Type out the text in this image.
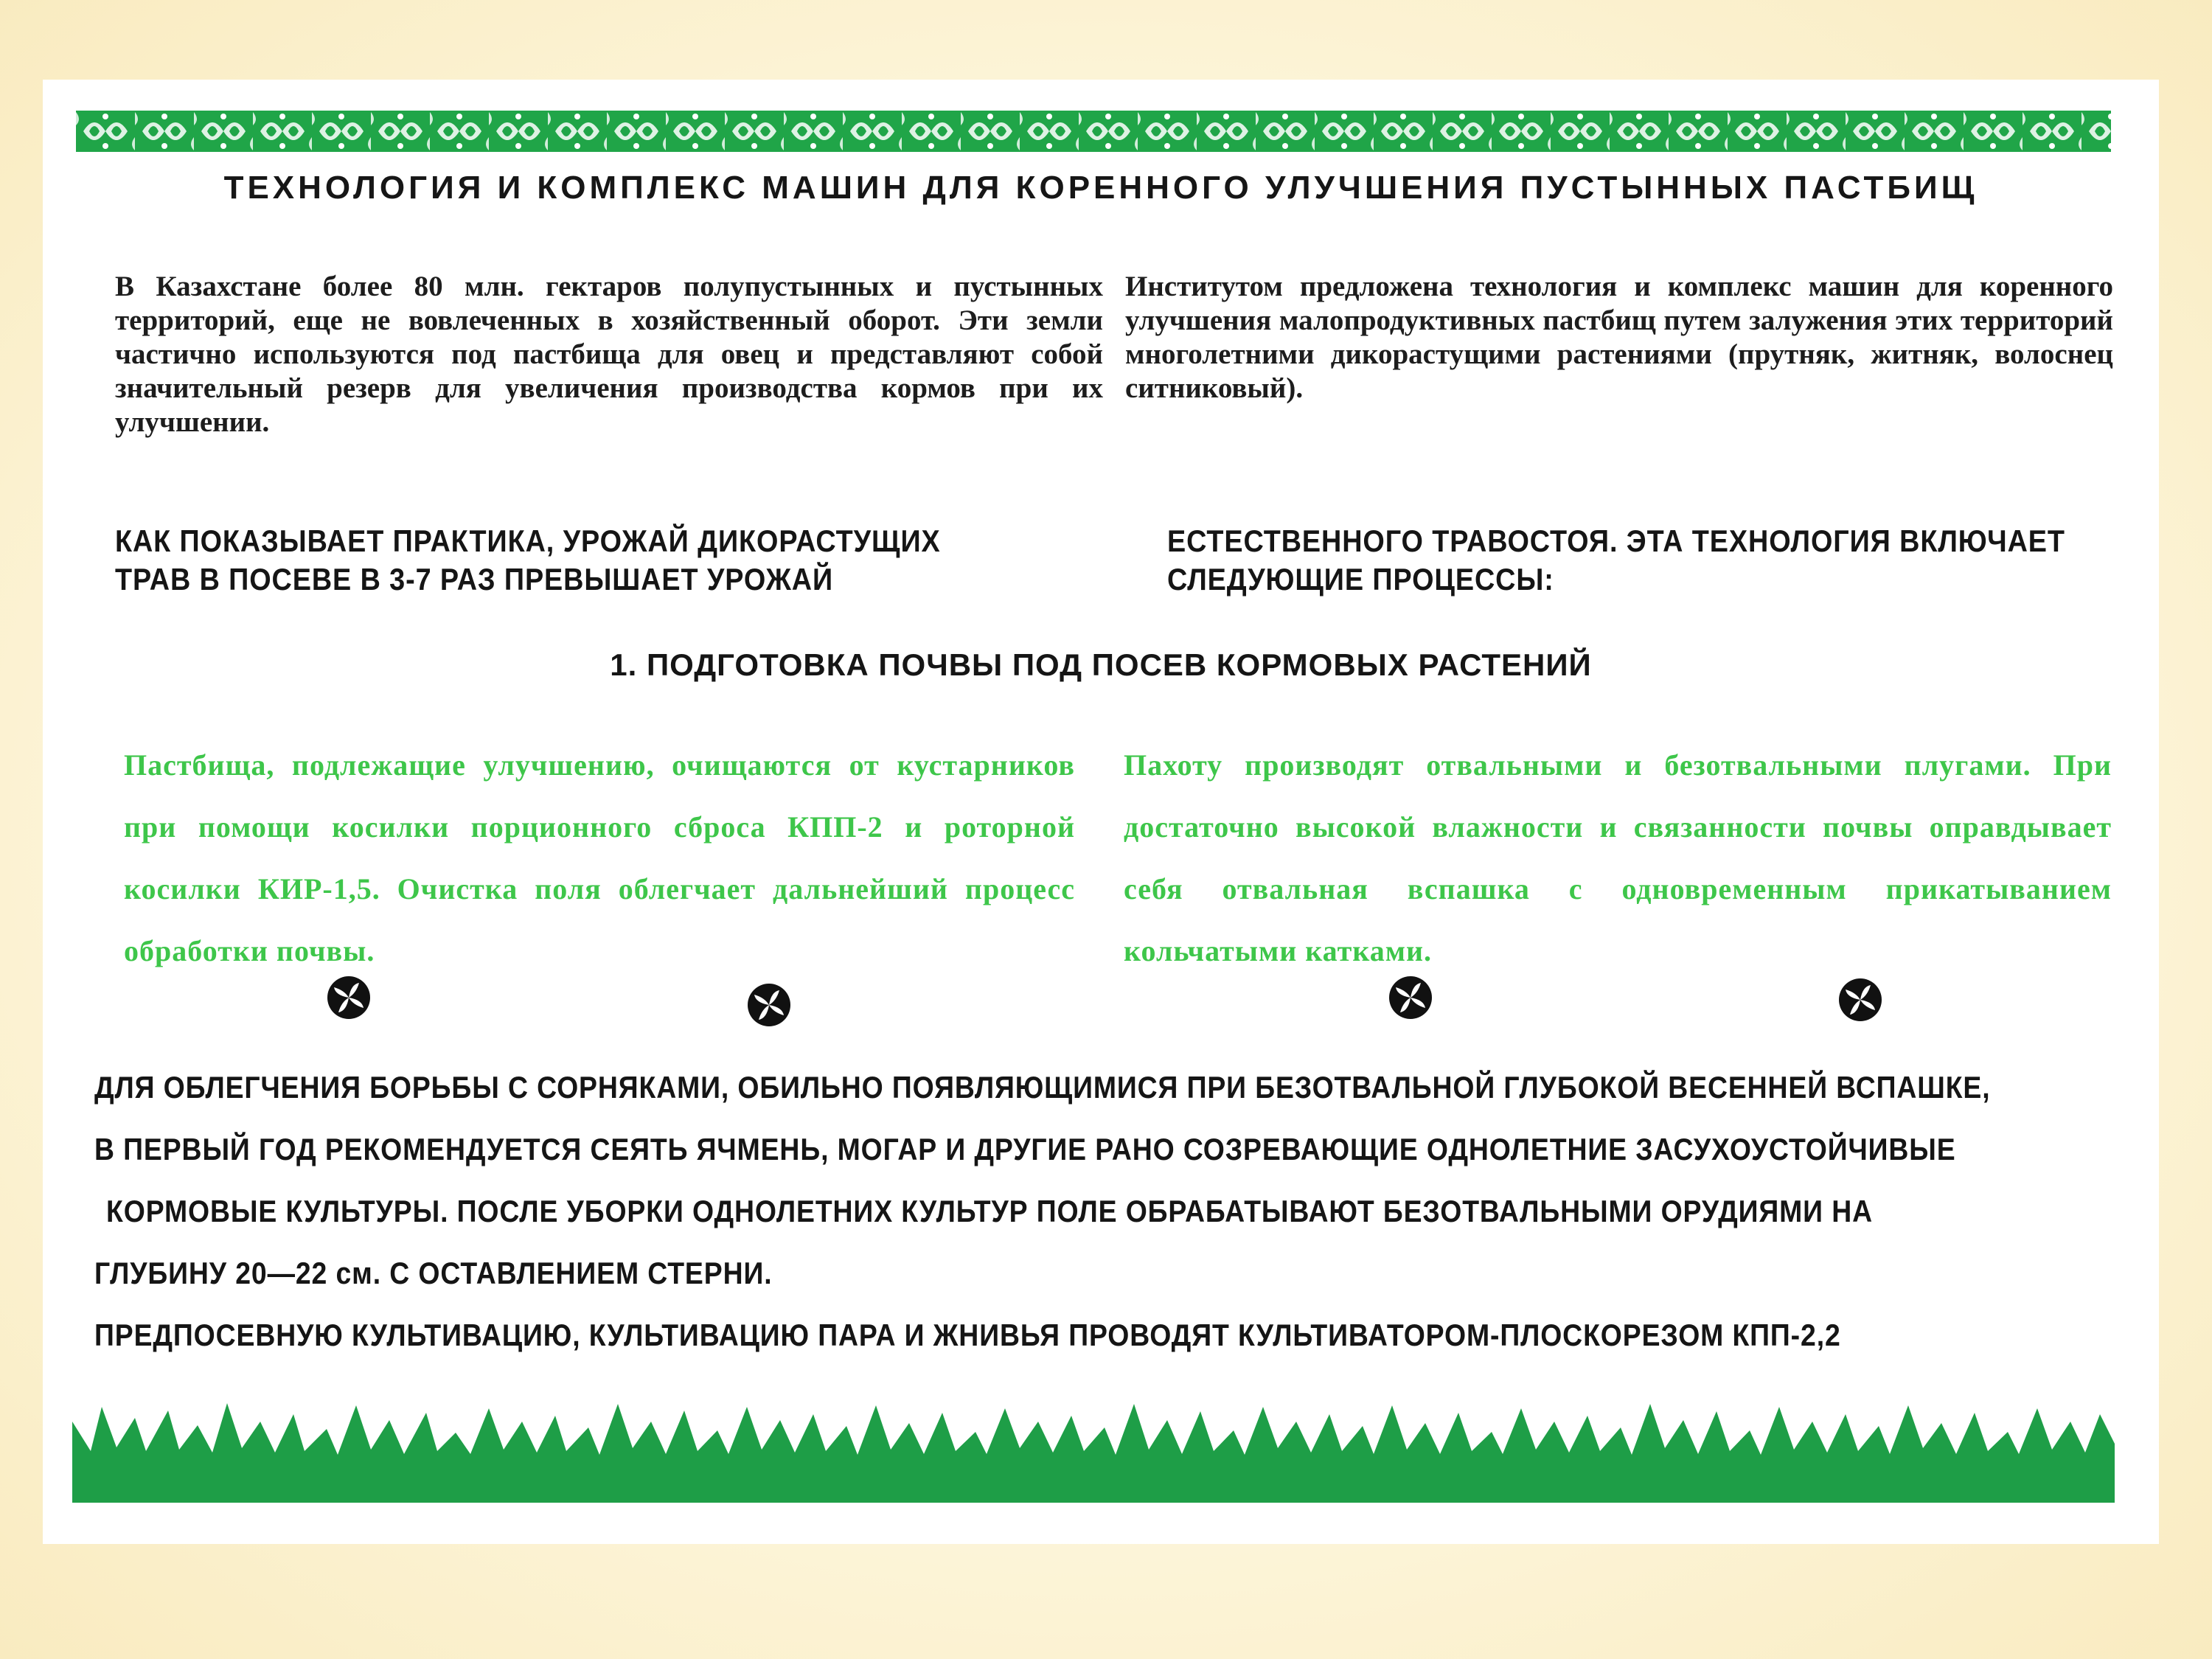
ТЕХНОЛОГИЯ И КОМПЛЕКС МАШИН ДЛЯ КОРЕННОГО УЛУЧШЕНИЯ ПУСТЫННЫХ ПАСТБИЩ
В Казахстане более 80 млн. гектаров полупустынных и пустынных территорий, еще не вовлеченных в хозяйственный оборот. Эти земли частично используются под пастбища для овец и представляют собой значительный резерв для увеличения производства кормов при их улучшении.
Институтом предложена технология и комплекс машин для коренного улучшения малопродуктивных пастбищ путем залужения этих территорий многолетними дикорастущими растениями (прутняк, житняк, волоснец ситниковый).
КАК ПОКАЗЫВАЕТ ПРАКТИКА, УРОЖАЙ ДИКОРАСТУЩИХ
ТРАВ В ПОСЕВЕ В 3-7 РАЗ ПРЕВЫШАЕТ УРОЖАЙ
ЕСТЕСТВЕННОГО ТРАВОСТОЯ. ЭТА ТЕХНОЛОГИЯ ВКЛЮЧАЕТ
СЛЕДУЮЩИЕ ПРОЦЕССЫ:
1. ПОДГОТОВКА ПОЧВЫ ПОД ПОСЕВ КОРМОВЫХ РАСТЕНИЙ
Пастбища, подлежащие улучшению, очищаются от кустарников при помощи косилки порционного сброса КПП-2 и роторной косилки КИР-1,5. Очистка поля облегчает дальнейший процесс обработки почвы.
Пахоту производят отвальными и безотвальными плугами. При достаточно высокой влажности и связанности почвы оправдывает себя отвальная вспашка с одновременным прикатыванием кольчатыми катками.

ДЛЯ ОБЛЕГЧЕНИЯ БОРЬБЫ С СОРНЯКАМИ, ОБИЛЬНО ПОЯВЛЯЮЩИМИСЯ ПРИ БЕЗОТВАЛЬНОЙ ГЛУБОКОЙ ВЕСЕННЕЙ ВСПАШКЕ,

В ПЕРВЫЙ ГОД РЕКОМЕНДУЕТСЯ СЕЯТЬ ЯЧМЕНЬ, МОГАР И ДРУГИЕ РАНО СОЗРЕВАЮЩИЕ ОДНОЛЕТНИЕ ЗАСУХОУСТОЙЧИВЫЕ

КОРМОВЫЕ КУЛЬТУРЫ. ПОСЛЕ УБОРКИ ОДНОЛЕТНИХ КУЛЬТУР ПОЛЕ ОБРАБАТЫВАЮТ БЕЗОТВАЛЬНЫМИ ОРУДИЯМИ НА

ГЛУБИНУ 20—22 см. С ОСТАВЛЕНИЕМ СТЕРНИ.

ПРЕДПОСЕВНУЮ КУЛЬТИВАЦИЮ, КУЛЬТИВАЦИЮ ПАРА И ЖНИВЬЯ ПРОВОДЯТ КУЛЬТИВАТОРОМ-ПЛОСКОРЕЗОМ КПП-2,2
